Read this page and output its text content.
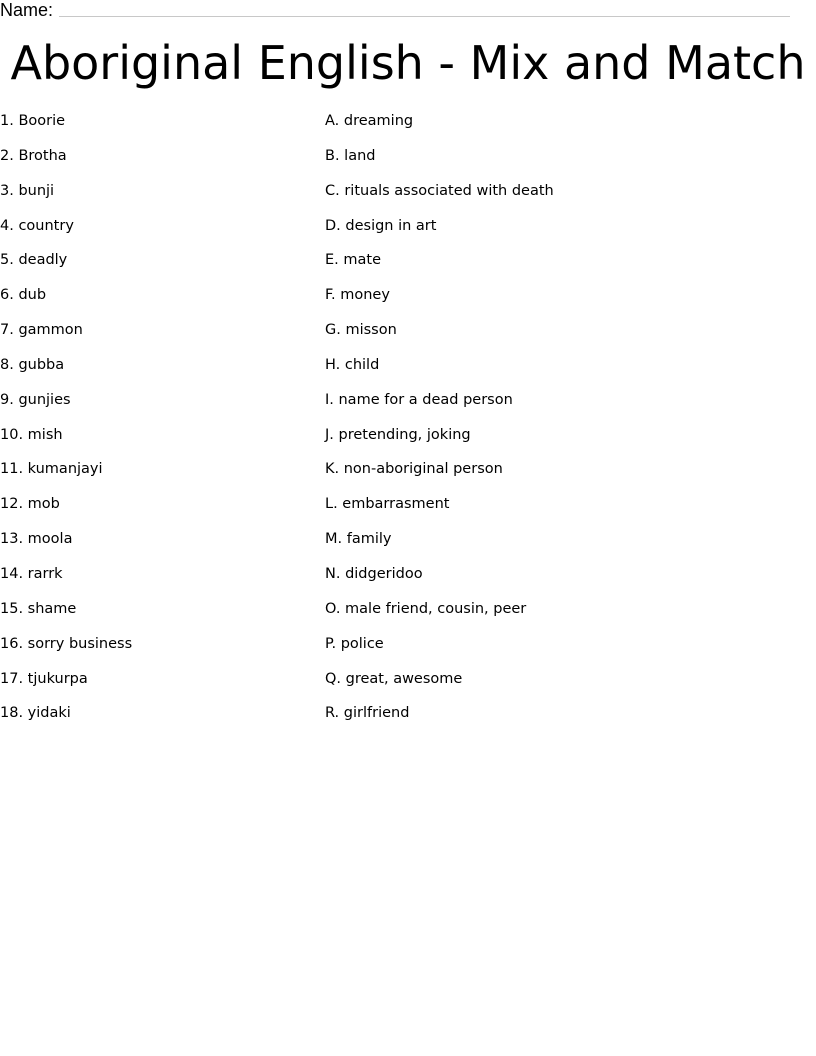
Name:
Aboriginal English - Mix and Match
1. Boorie
2. Brotha
3. bunji
4. country
5. deadly
6. dub
7. gammon
8. gubba
9. gunjies
10. mish
11. kumanjayi
12. mob
13. moola
14. rarrk
15. shame
16. sorry business
17. tjukurpa
18. yidaki
A. dreaming
B. land
C. rituals associated with death
D. design in art
E. mate
F. money
G. misson
H. child
I. name for a dead person
J. pretending, joking
K. non-aboriginal person
L. embarrasment
M. family
N. didgeridoo
O. male friend, cousin, peer
P. police
Q. great, awesome
R. girlfriend
